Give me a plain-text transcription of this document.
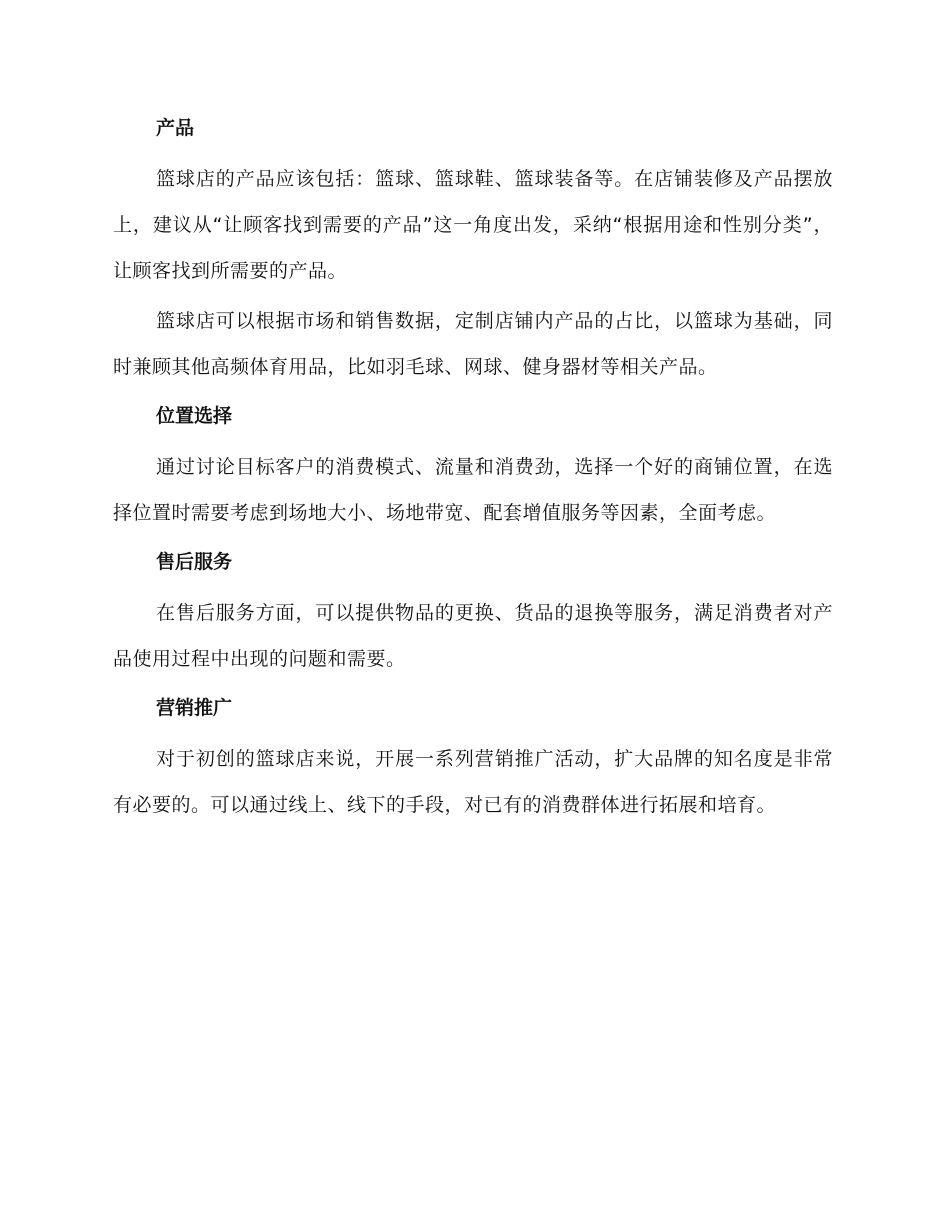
产品

篮球店的产品应该包括：篮球、篮球鞋、篮球装备等。在店铺装修及产品摆放上，建议从“让顾客找到需要的产品”这一角度出发，采纳“根据用途和性别分类”，让顾客找到所需要的产品。

篮球店可以根据市场和销售数据，定制店铺内产品的占比，以篮球为基础，同时兼顾其他高频体育用品，比如羽毛球、网球、健身器材等相关产品。

位置选择

通过讨论目标客户的消费模式、流量和消费劲，选择一个好的商铺位置，在选择位置时需要考虑到场地大小、场地带宽、配套增值服务等因素，全面考虑。

售后服务

在售后服务方面，可以提供物品的更换、货品的退换等服务，满足消费者对产品使用过程中出现的问题和需要。

营销推广

对于初创的篮球店来说，开展一系列营销推广活动，扩大品牌的知名度是非常有必要的。可以通过线上、线下的手段，对已有的消费群体进行拓展和培育。
